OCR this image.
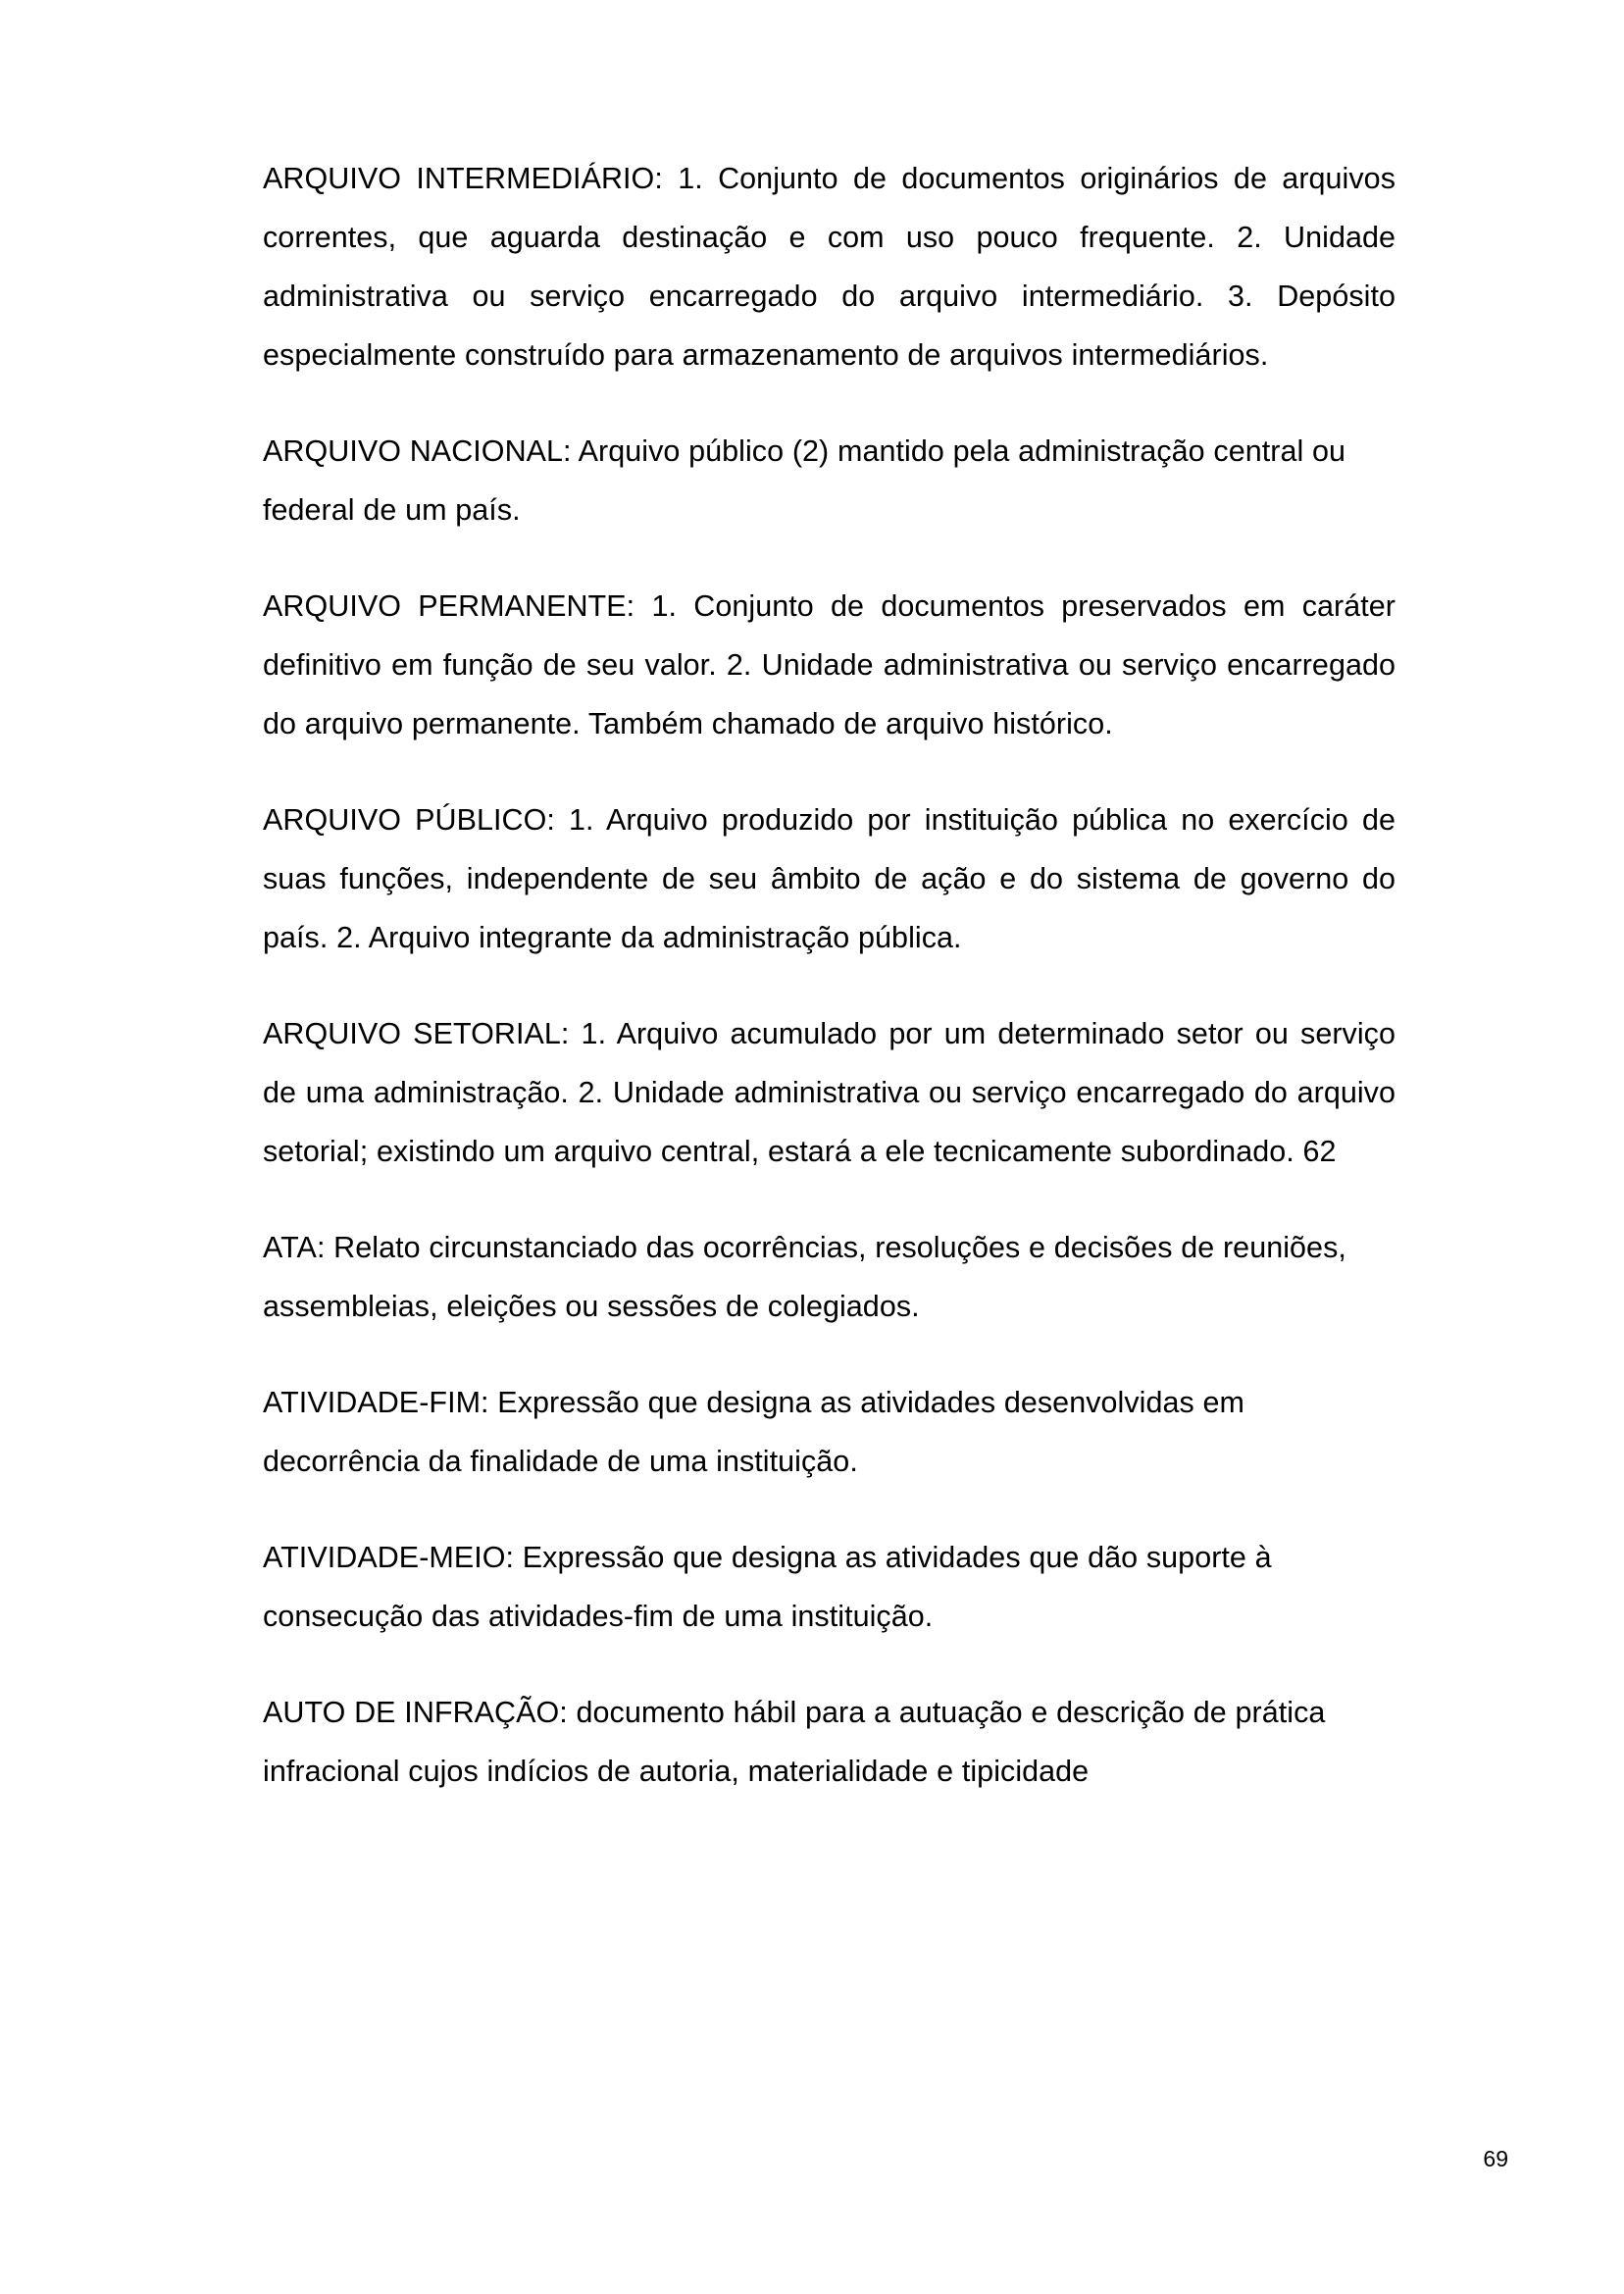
ARQUIVO INTERMEDIÁRIO: 1. Conjunto de documentos originários de arquivos correntes, que aguarda destinação e com uso pouco frequente. 2. Unidade administrativa ou serviço encarregado do arquivo intermediário. 3. Depósito especialmente construído para armazenamento de arquivos intermediários.

ARQUIVO NACIONAL: Arquivo público (2) mantido pela administração central ou federal de um país.

ARQUIVO PERMANENTE: 1. Conjunto de documentos preservados em caráter definitivo em função de seu valor. 2. Unidade administrativa ou serviço encarregado do arquivo permanente. Também chamado de arquivo histórico.

ARQUIVO PÚBLICO: 1. Arquivo produzido por instituição pública no exercício de suas funções, independente de seu âmbito de ação e do sistema de governo do país. 2. Arquivo integrante da administração pública.

ARQUIVO SETORIAL: 1. Arquivo acumulado por um determinado setor ou serviço de uma administração. 2. Unidade administrativa ou serviço encarregado do arquivo setorial; existindo um arquivo central, estará a ele tecnicamente subordinado. 62

ATA: Relato circunstanciado das ocorrências, resoluções e decisões de reuniões, assembleias, eleições ou sessões de colegiados.

ATIVIDADE-FIM: Expressão que designa as atividades desenvolvidas em decorrência da finalidade de uma instituição.

ATIVIDADE-MEIO: Expressão que designa as atividades que dão suporte à consecução das atividades-fim de uma instituição.

AUTO DE INFRAÇÃO: documento hábil para a autuação e descrição de prática infracional cujos indícios de autoria, materialidade e tipicidade

69
